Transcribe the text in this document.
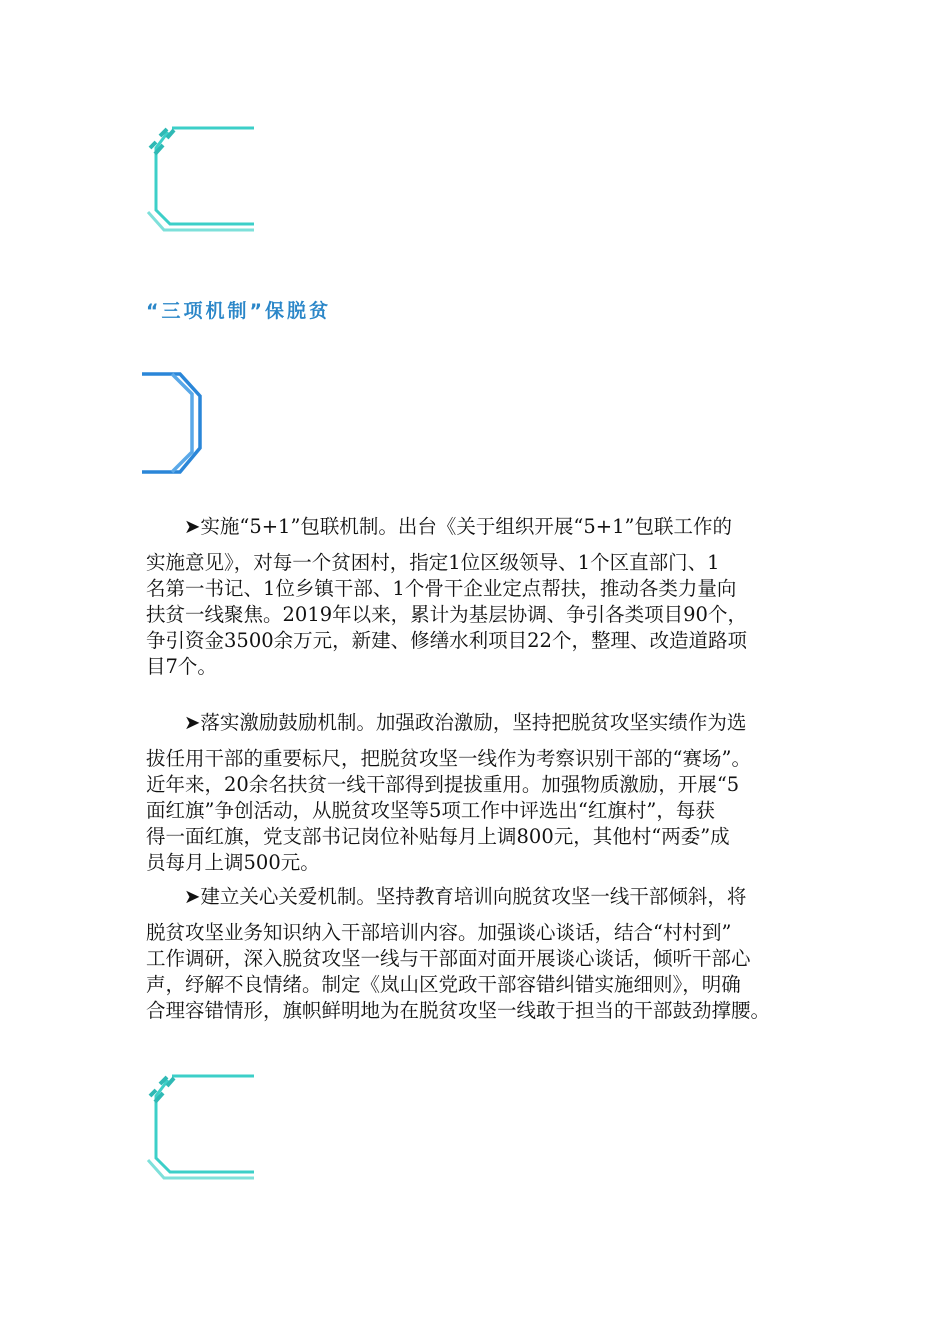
“三项机制”保脱贫

➤实施“5+1”包联机制。出台《关于组织开展“5+1”包联工作的

实施意见》，对每一个贫困村，指定1位区级领导、1个区直部门、1

名第一书记、1位乡镇干部、1个骨干企业定点帮扶，推动各类力量向

扶贫一线聚焦。2019年以来，累计为基层协调、争引各类项目90个，

争引资金3500余万元，新建、修缮水利项目22个，整理、改造道路项

目7个。

➤落实激励鼓励机制。加强政治激励，坚持把脱贫攻坚实绩作为选

拔任用干部的重要标尺，把脱贫攻坚一线作为考察识别干部的“赛场”。

近年来，20余名扶贫一线干部得到提拔重用。加强物质激励，开展“5

面红旗”争创活动，从脱贫攻坚等5项工作中评选出“红旗村”，每获

得一面红旗，党支部书记岗位补贴每月上调800元，其他村“两委”成

员每月上调500元。

➤建立关心关爱机制。坚持教育培训向脱贫攻坚一线干部倾斜，将

脱贫攻坚业务知识纳入干部培训内容。加强谈心谈话，结合“村村到”

工作调研，深入脱贫攻坚一线与干部面对面开展谈心谈话，倾听干部心

声，纾解不良情绪。制定《岚山区党政干部容错纠错实施细则》，明确

合理容错情形，旗帜鲜明地为在脱贫攻坚一线敢于担当的干部鼓劲撑腰。
